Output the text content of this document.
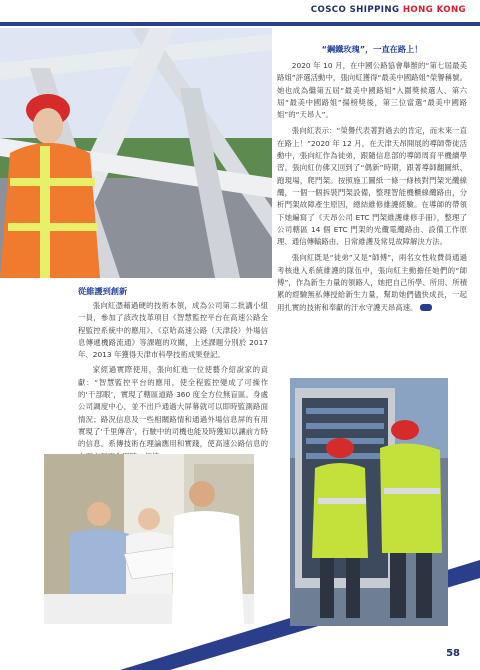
COSCO SHIPPING HONG KONG

“鋼鐵玫瑰”，一直在路上！

2020 年 10 月，在中國公路協會舉辦的“第七屆最美路姐”評選活動中，張向紅獲得“最美中國路姐”榮譽稱號。她也成為繼第五屆“最美中國路姐”入圍獎候選人、第六屆“最美中國路姐”揚榜獎後，第三位當選“最美中國路姐”的“天昂人”。

張向紅表示：“榮譽代表著對過去的肯定，而未來一直在路上！”2020 年 12 月，在天津天昂開展的導師帶徒活動中，張向紅作為徒弟，跟隨信息部的導師周育平機續學習。張向紅仿佛又回到了“偶新”時期，跟著導師翻圖紙、跑現場，爬門架。按照施工圖紙一條一條核對門架光纜線纜，一個一個拆裝門架設備，整理智能機櫃線纜路由，分析門架故障產生原因，總結維修維護經驗。在導師的帶領下她編寫了《天昂公司 ETC 門架維護維修手冊》，整理了公司轄區 14 個 ETC 門架的光纜電纜路由、設備工作原理、通信傳輸路由、日常維護及常見故障解決方法。

張向紅既是“徒弟”又是“師傅”，兩名女性收費員通過考核進入系統維護的隊伍中，張向紅主動擔任她們的“師傅”，作為新生力量的領路人，她把自己所學、所用、所積累的經驗無私傳授給新生力量，幫助她們儘快成長，一起用扎實的技術和奉獻的汗水守護天昂高速。

從維護到創新

張向紅憑藉過硬的技術本領，成為公司第二批講小組一員，參加了該改技革項目《智慧監控平台在高速公路全程監控系統中的應用》、《京哈高速公路（天津段）外場信息傳遞機路流通》等課題的攻關，上述課題分別於 2017 年、2013 年獲得天津市科學技術成果登記。

家經過實際使用，張向紅進一位使藝介紹說家的貢獻：“智慧監控平台的應用，使全程監控變成了可操作的‘干部眼’，實現了轄區道路 360 度全方位無盲區。身處公司調度中心，並不出戶通過大屏幕就可以即時監測路面情況；路況信息及一些相關路情和通過外場信息屏的有用實現了‘千里傳音’，行駛中的司機也能及時獲知以讓前方時的信息。系傳技術在理論應用和實踐，使高速公路信息的

58
